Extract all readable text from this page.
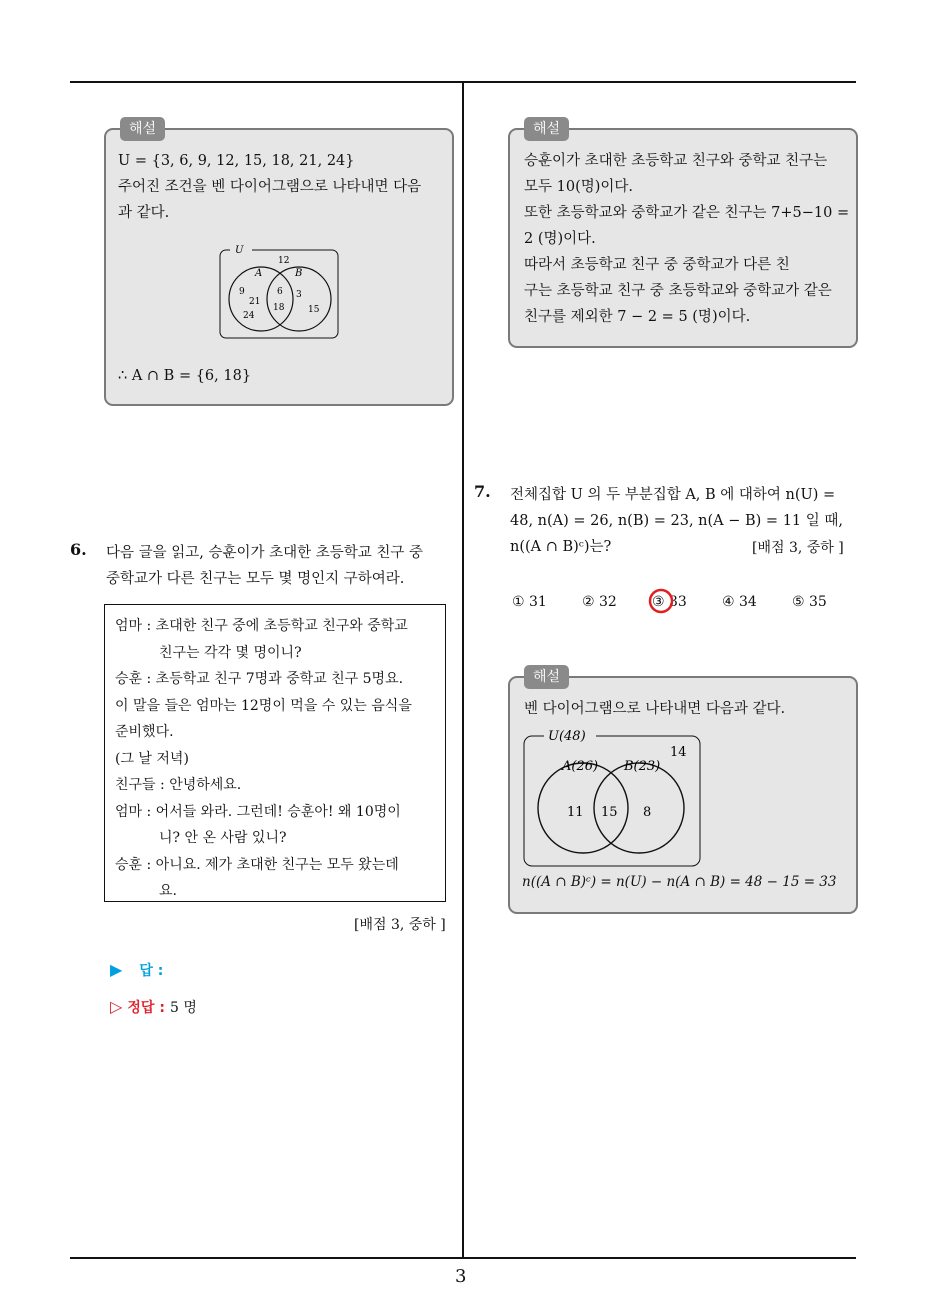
해설
U = {3, 6, 9, 12, 15, 18, 21, 24}
주어진 조건을 벤 다이어그램으로 나타내면 다음
과 같다.
U
12
A	B
9
21
24
6
18
3
15
∴ A ∩ B = {6, 18}
6. 다음 글을 읽고, 승훈이가 초대한 초등학교 친구 중
중학교가 다른 친구는 모두 몇 명인지 구하여라.
엄마 : 초대한 친구 중에 초등학교 친구와 중학교
친구는 각각 몇 명이니?
승훈 : 초등학교 친구 7명과 중학교 친구 5명요.
이 말을 들은 엄마는 12명이 먹을 수 있는 음식을
준비했다.
(그 날 저녁)
친구들 : 안녕하세요.
엄마 : 어서들 와라. 그런데! 승훈아! 왜 10명이
니? 안 온 사람 있니?
승훈 : 아니요. 제가 초대한 친구는 모두 왔는데
요.
[배점 3, 중하 ]
▶ 답 :
▷ 정답 : 5 명
해설
승훈이가 초대한 초등학교 친구와 중학교 친구는
모두 10(명)이다.
또한 초등학교와 중학교가 같은 친구는 7+5−10 =
2 (명)이다.
따라서 초등학교 친구 중 중학교가 다른 친
구는 초등학교 친구 중 초등학교와 중학교가 같은
친구를 제외한 7 − 2 = 5 (명)이다.
7. 전체집합 U 의 두 부분집합 A, B 에 대하여 n(U) =
48, n(A) = 26, n(B) = 23, n(A − B) = 11 일 때,
n((A ∩ B)ᶜ)는?	[배점 3, 중하 ]
① 31	② 32	③ 33	④ 34	⑤ 35
해설
벤 다이어그램으로 나타내면 다음과 같다.
U(48)
14
A(26) B(23)
11 15 8
n((A ∩ B)ᶜ) = n(U) − n(A ∩ B) = 48 − 15 = 33
3
